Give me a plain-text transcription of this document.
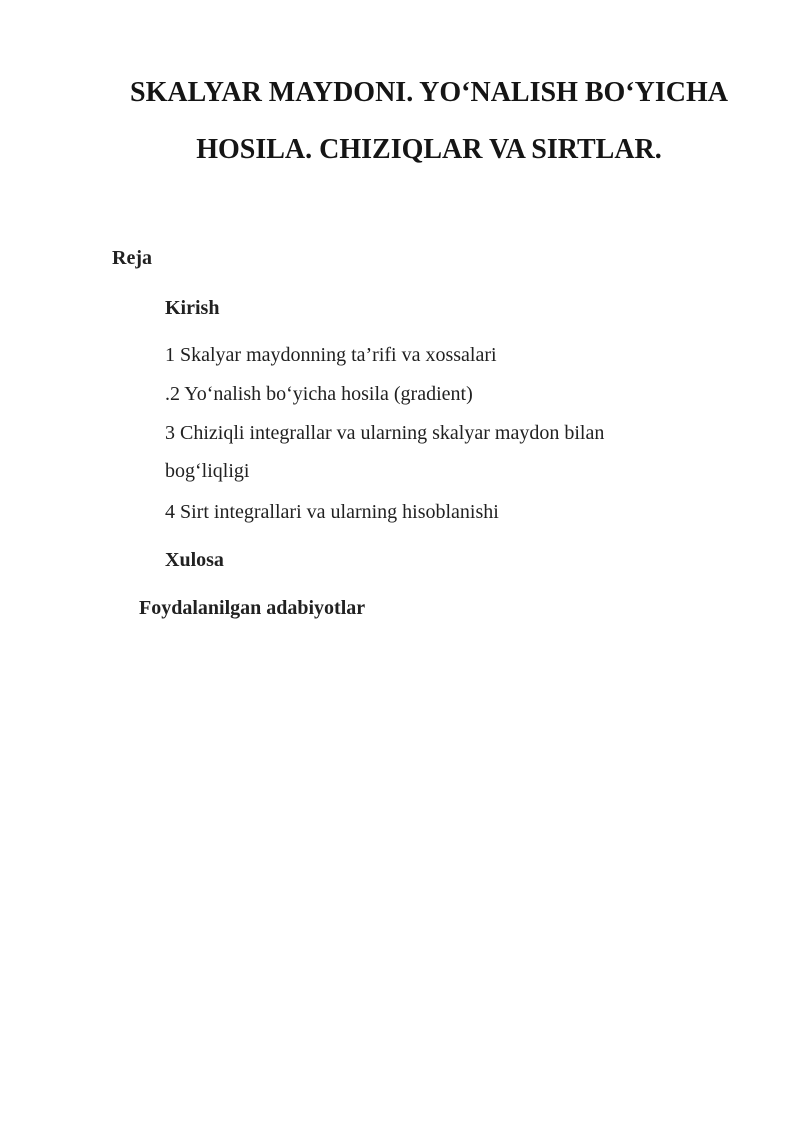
SKALYAR MAYDONI. YOʻNALISH BOʻYICHA
HOSILA. CHIZIQLAR VA SIRTLAR.
Reja
Kirish
1 Skalyar maydonning ta’rifi va xossalari
.2 Yoʻnalish boʻyicha hosila (gradient)
3 Chiziqli integrallar va ularning skalyar maydon bilan
bogʻliqligi
4 Sirt integrallari va ularning hisoblanishi
Xulosa
Foydalanilgan adabiyotlar
